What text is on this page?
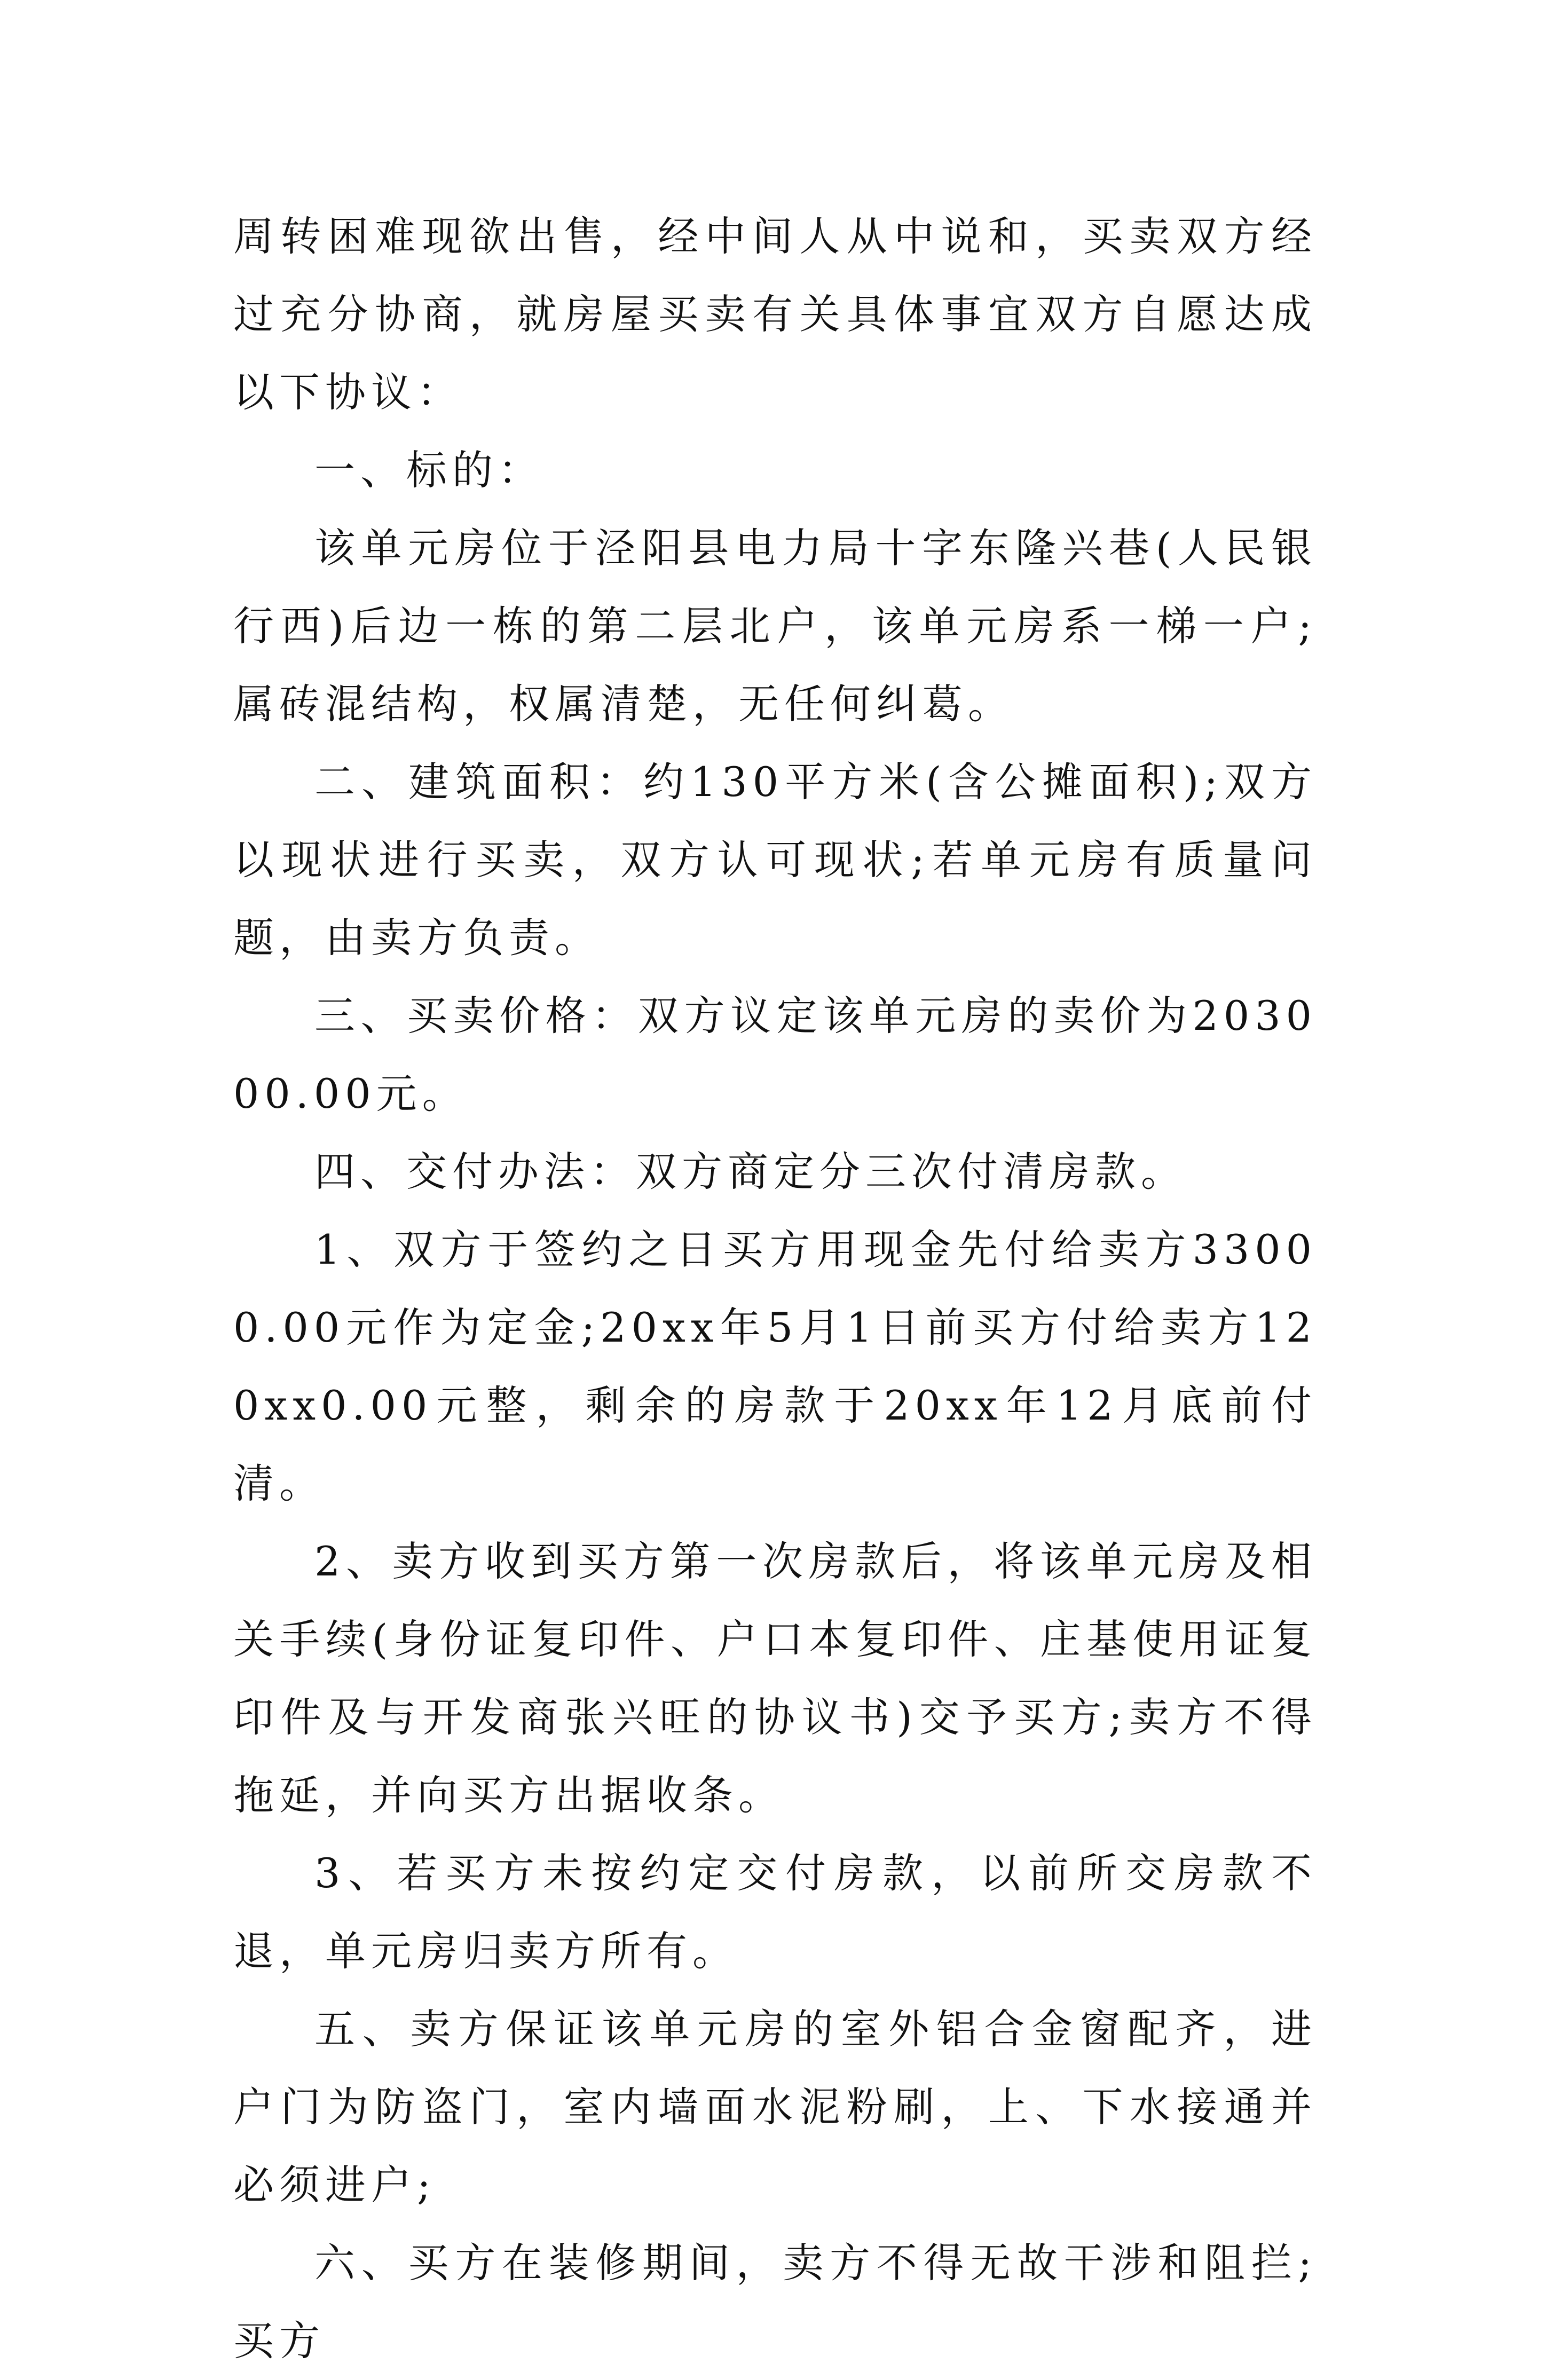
周转困难现欲出售，经中间人从中说和，买卖双方经过充分协商，就房屋买卖有关具体事宜双方自愿达成以下协议：

一、标的：

该单元房位于泾阳县电力局十字东隆兴巷(人民银行西)后边一栋的第二层北户，该单元房系一梯一户;属砖混结构，权属清楚，无任何纠葛。

二、建筑面积：约130平方米(含公摊面积);双方以现状进行买卖，双方认可现状;若单元房有质量问题，由卖方负责。

三、买卖价格：双方议定该单元房的卖价为203000.00元。

四、交付办法：双方商定分三次付清房款。

1、双方于签约之日买方用现金先付给卖方33000.00元作为定金;20xx年5月1日前买方付给卖方120xx0.00元整，剩余的房款于20xx年12月底前付清。

2、卖方收到买方第一次房款后，将该单元房及相关手续(身份证复印件、户口本复印件、庄基使用证复印件及与开发商张兴旺的协议书)交予买方;卖方不得拖延，并向买方出据收条。

3、若买方未按约定交付房款，以前所交房款不退，单元房归卖方所有。

五、卖方保证该单元房的室外铝合金窗配齐，进户门为防盗门，室内墙面水泥粉刷，上、下水接通并必须进户;

六、买方在装修期间，卖方不得无故干涉和阻拦;买方
